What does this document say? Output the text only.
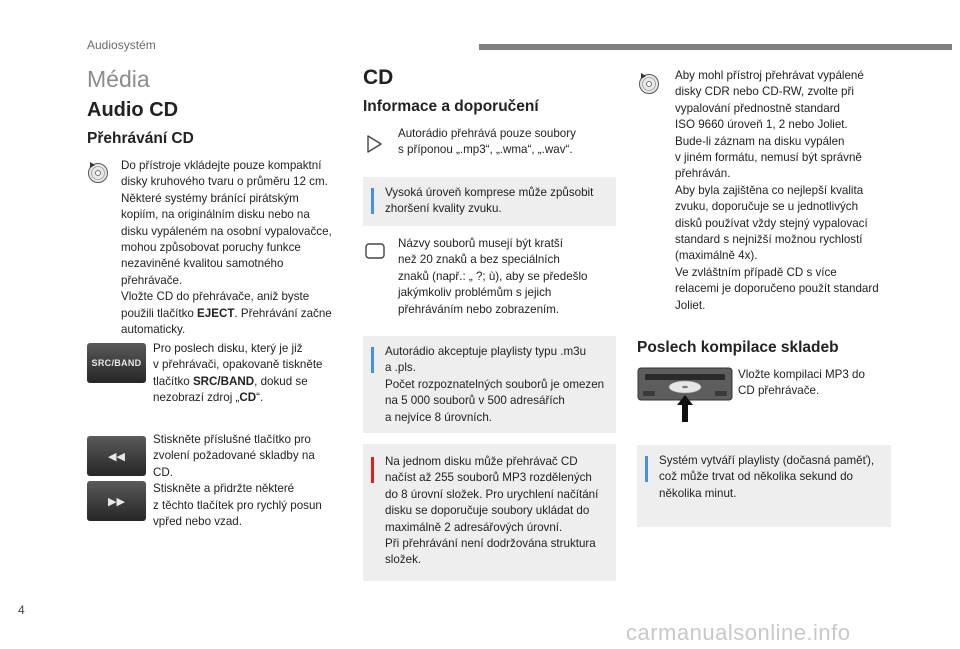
Audiosystém
Média
Audio CD
Přehrávání CD
Do přístroje vkládejte pouze kompaktní
disky kruhového tvaru o průměru 12 cm.
Některé systémy bránící pirátským
kopiím, na originálním disku nebo na
disku vypáleném na osobní vypalovačce,
mohou způsobovat poruchy funkce
nezaviněné kvalitou samotného
přehrávače.
Vložte CD do přehrávače, aniž byste
použili tlačítko EJECT. Přehrávání začne
automaticky.
SRC/BAND
Pro poslech disku, který je již
v přehrávači, opakovaně tiskněte
tlačítko SRC/BAND, dokud se
nezobrazí zdroj „CD“.
◀◀
▶▶
Stiskněte příslušné tlačítko pro
zvolení požadované skladby na
CD.
Stiskněte a přidržte některé
z těchto tlačítek pro rychlý posun
vpřed nebo vzad.
CD
Informace a doporučení
Autorádio přehrává pouze soubory
s příponou „.mp3“, „.wma“, „.wav“.
Vysoká úroveň komprese může způsobit
zhoršení kvality zvuku.
Názvy souborů musejí být kratší
než 20 znaků a bez speciálních
znaků (např.: „ ?; ù), aby se předešlo
jakýmkoliv problémům s jejich
přehráváním nebo zobrazením.
Autorádio akceptuje playlisty typu .m3u
a .pls.
Počet rozpoznatelných souborů je omezen
na 5 000 souborů v 500 adresářích
a nejvíce 8 úrovních.
Na jednom disku může přehrávač CD
načíst až 255 souborů MP3 rozdělených
do 8 úrovní složek. Pro urychlení načítání
disku se doporučuje soubory ukládat do
maximálně 2 adresářových úrovní.
Při přehrávání není dodržována struktura
složek.
Aby mohl přístroj přehrávat vypálené
disky CDR nebo CD-RW, zvolte při
vypalování přednostně standard
ISO 9660 úroveň 1, 2 nebo Joliet.
Bude-li záznam na disku vypálen
v jiném formátu, nemusí být správně
přehráván.
Aby byla zajištěna co nejlepší kvalita
zvuku, doporučuje se u jednotlivých
disků používat vždy stejný vypalovací
standard s nejnižší možnou rychlostí
(maximálně 4x).
Ve zvláštním případě CD s více
relacemi je doporučeno použít standard
Joliet.
Poslech kompilace skladeb
Vložte kompilaci MP3 do
CD přehrávače.
Systém vytváří playlisty (dočasná paměť),
což může trvat od několika sekund do
několika minut.
4
carmanualsonline.info
